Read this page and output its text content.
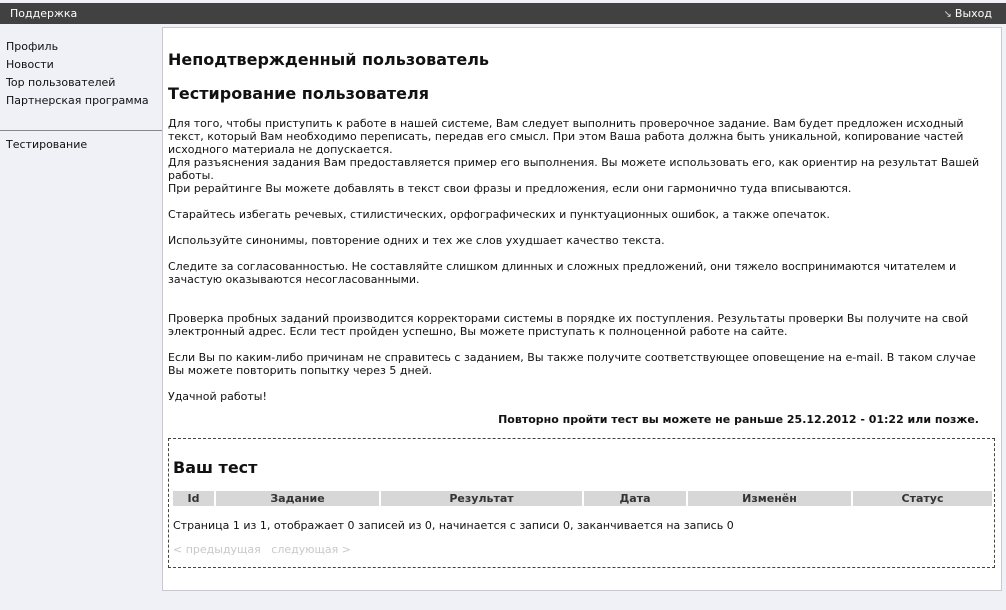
Поддержка	↘ Выход
Профиль
Новости
Top пользователей
Партнерская программа
Тестирование
Неподтвержденный пользователь
Тестирование пользователя
Для того, чтобы приступить к работе в нашей системе, Вам следует выполнить проверочное задание. Вам будет предложен исходный текст, который Вам необходимо переписать, передав его смысл. При этом Ваша работа должна быть уникальной, копирование частей исходного материала не допускается.
Для разъяснения задания Вам предоставляется пример его выполнения. Вы можете использовать его, как ориентир на результат Вашей работы.
При рерайтинге Вы можете добавлять в текст свои фразы и предложения, если они гармонично туда вписываются.
Старайтесь избегать речевых, стилистических, орфографических и пунктуационных ошибок, а также опечаток.
Используйте синонимы, повторение одних и тех же слов ухудшает качество текста.
Следите за согласованностью. Не составляйте слишком длинных и сложных предложений, они тяжело воспринимаются читателем и зачастую оказываются несогласованными.
Проверка пробных заданий производится корректорами системы в порядке их поступления. Результаты проверки Вы получите на свой электронный адрес. Если тест пройден успешно, Вы можете приступать к полноценной работе на сайте.
Если Вы по каким-либо причинам не справитесь с заданием, Вы также получите соответствующее оповещение на e-mail. В таком случае Вы можете повторить попытку через 5 дней.
Удачной работы!
Повторно пройти тест вы можете не раньше 25.12.2012 - 01:22 или позже.
Ваш тест
Id	Задание	Результат	Дата	Изменён	Статус
Страница 1 из 1, отображает 0 записей из 0, начинается с записи 0, заканчивается на запись 0
< предыдущая следующая >
